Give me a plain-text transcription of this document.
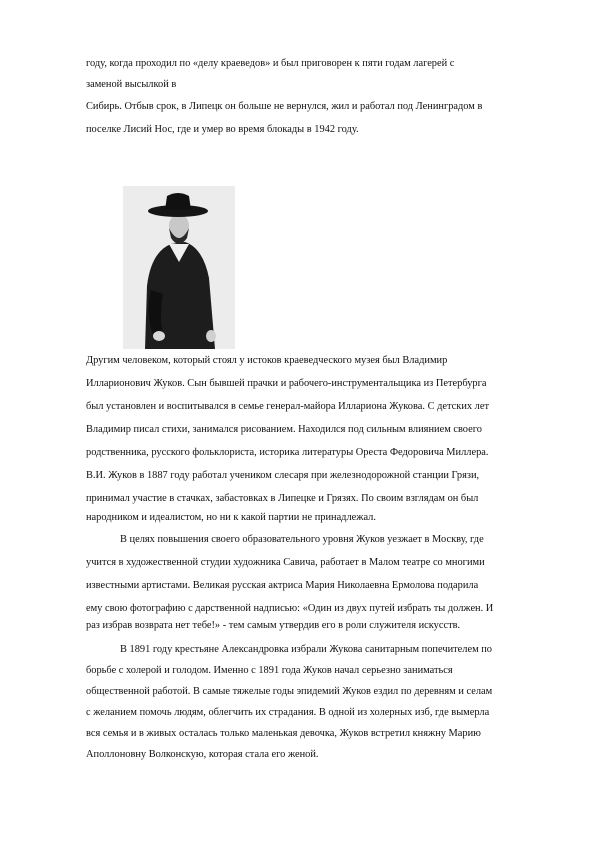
году, когда проходил по «делу краеведов» и был приговорен к пяти годам лагерей с
заменой высылкой в
Сибирь. Отбыв срок, в Липецк он больше не вернулся, жил и работал под Ленинградом в
поселке Лисий Нос, где и умер во время блокады в 1942 году.
Другим человеком, который стоял у истоков краеведческого музея был Владимир
Илларионович Жуков. Сын бывшей прачки и рабочего-инструментальщика из Петербурга
был установлен и воспитывался в семье генерал-майора Иллариона Жукова. С детских лет
Владимир писал стихи, занимался рисованием. Находился под сильным влиянием своего
родственника, русского фольклориста, историка литературы Ореста Федоровича Миллера.
В.И. Жуков в 1887 году работал учеником слесаря при железнодорожной станции Грязи,
принимал участие в стачках, забастовках в Липецке и Грязях. По своим взглядам он был
народником и идеалистом, но ни к какой партии не принадлежал.
В целях повышения своего образовательного уровня Жуков уезжает в Москву, где
учится в художественной студии художника Савича, работает в Малом театре со многими
известными артистами. Великая русская актриса Мария Николаевна Ермолова подарила
ему свою фотографию с дарственной надписью: «Один из двух путей избрать ты должен. И
раз избрав возврата нет тебе!» - тем самым утвердив его в роли служителя искусств.
В 1891 году крестьяне Александровка избрали Жукова санитарным попечителем по
борьбе с холерой и голодом. Именно с 1891 года Жуков начал серьезно заниматься
общественной работой. В самые тяжелые годы эпидемий Жуков ездил по деревням и селам
с желанием помочь людям, облегчить их страдания. В одной из холерных изб, где вымерла
вся семья и в живых осталась только маленькая девочка, Жуков встретил княжну Марию
Аполлоновну Волконскую, которая стала его женой.
